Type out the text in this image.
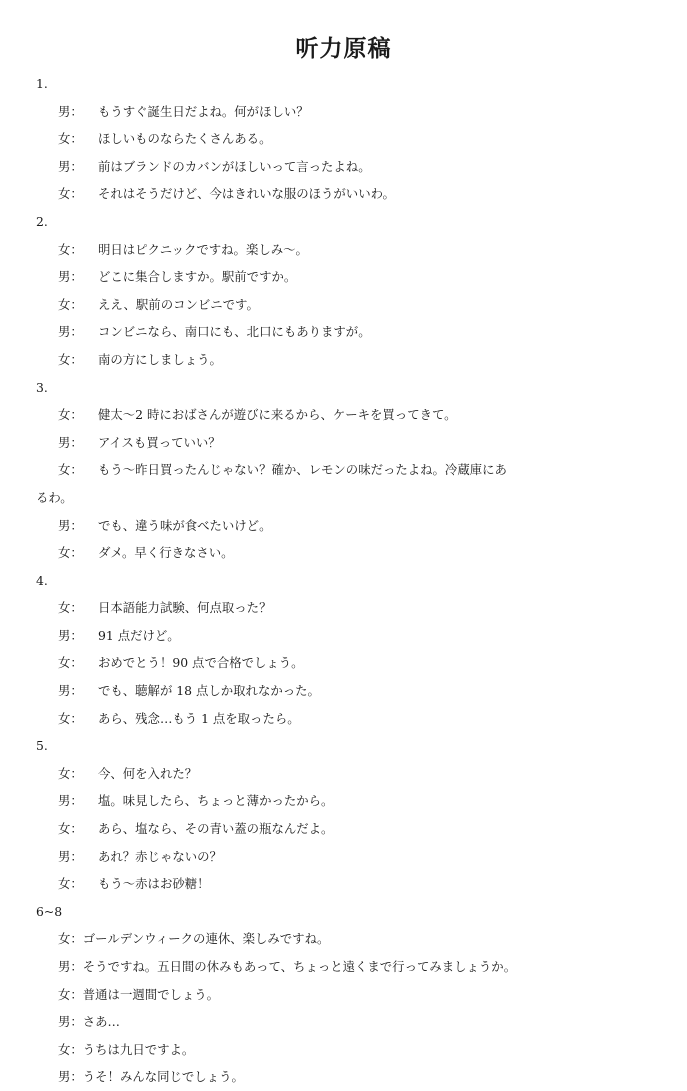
听力原稿
1.
男： もうすぐ誕生日だよね。何がほしい？
女： ほしいものならたくさんある。
男： 前はブランドのカバンがほしいって言ったよね。
女： それはそうだけど、今はきれいな服のほうがいいわ。
2.
女： 明日はピクニックですね。楽しみ～。
男： どこに集合しますか。駅前ですか。
女： ええ、駅前のコンビニです。
男： コンビニなら、南口にも、北口にもありますが。
女： 南の方にしましょう。
3.
女： 健太～2 時におばさんが遊びに来るから、ケーキを買ってきて。
男： アイスも買っていい？
女： もう～昨日買ったんじゃない？確か、レモンの味だったよね。冷蔵庫にあ
るわ。
男： でも、違う味が食べたいけど。
女： ダメ。早く行きなさい。
4.
女： 日本語能力試験、何点取った？
男： 91 点だけど。
女： おめでとう！90 点で合格でしょう。
男： でも、聴解が 18 点しか取れなかった。
女： あら、残念…もう 1 点を取ったら。
5.
女： 今、何を入れた？
男： 塩。味見したら、ちょっと薄かったから。
女： あら、塩なら、その青い蓋の瓶なんだよ。
男： あれ？赤じゃないの？
女： もう～赤はお砂糖！
6~8
女：ゴールデンウィークの連休、楽しみですね。
男：そうですね。五日間の休みもあって、ちょっと遠くまで行ってみましょうか。
女：普通は一週間でしょう。
男：さあ…
女：うちは九日ですよ。
男：うそ！みんな同じでしょう。
